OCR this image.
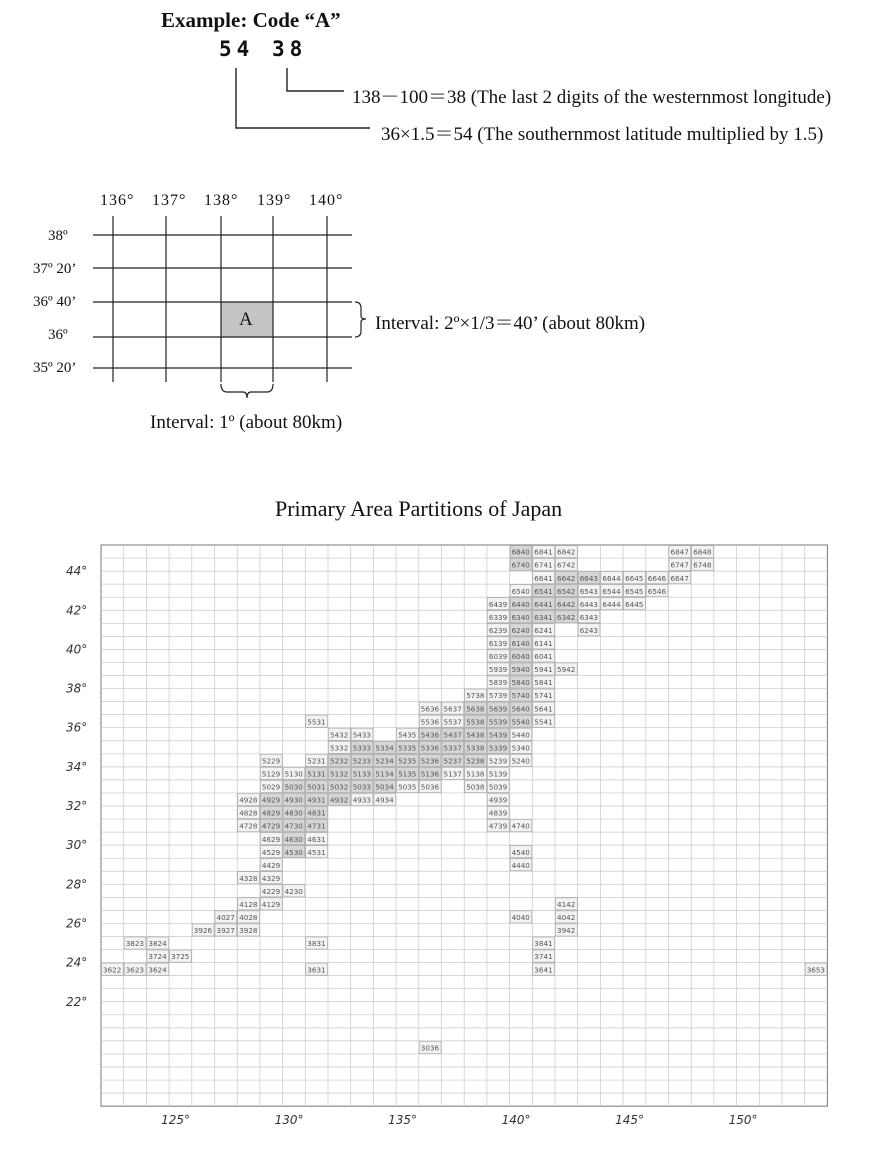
Example: Code “A”
54 38
138－100＝38 (The last 2 digits of the westernmost longitude)
36×1.5＝54 (The southernmost latitude multiplied by 1.5)
136° 137° 138° 139° 140°
38º
37º 20’
36º 40’
36º
35º 20’
A	Interval: 2º×1/3＝40’ (about 80km)
Interval: 1º (about 80km)
Primary Area Partitions of Japan
6840 6841 6842	6847 6848
6740 6741 6742	6747 6748
6641 6642 6643 6644 6645 6646 6647
6540 6541 6542 6543 6544 6545 6546
6439 6440 6441 6442 6443 6444 6445
6339 6340 6341 6342 6343
6239 6240 6241	6243
6139 6140 6141
6039 6040 6041
5939 5940 5941 5942
5839 5840 5841
5738 5739 5740 5741
5636 5637 5638 5639 5640 5641
5536 5537 5538 5539 5540 5541
5531
5432 5433	5435 5436 5437 5438 5439 5440
5332 5333 5334 5335 5336 5337 5338 5339 5340
5229	5231 5232 5233 5234 5235 5236 5237 5238 5239 5240
5129 5130 5131 5132 5133 5134 5135 5136 5137 5138 5139
5029 5030 5031 5032 5033 5034 5035 5036	5038 5039
4928 4929 4930 4931 4932 4933 4934	4939
4828 4829 4830 4831	4839
4728 4729 4730 4731	4739 4740
4629 4630 4631
4529 4530 4531	4540
4429	4440
4328 4329
4229 4230
4128 4129	4142
4027 4028	4040	4042
3926 3927 3928	3942
3823 3824	3831	3841
3724 3725	3741
3622 3623 3624	3631	3641	3653
3036
44°
42°
40°
38°
36°
34°
32°
30°
28°
26°
24°
22°
125°	130°	135°	140°	145°	150°
